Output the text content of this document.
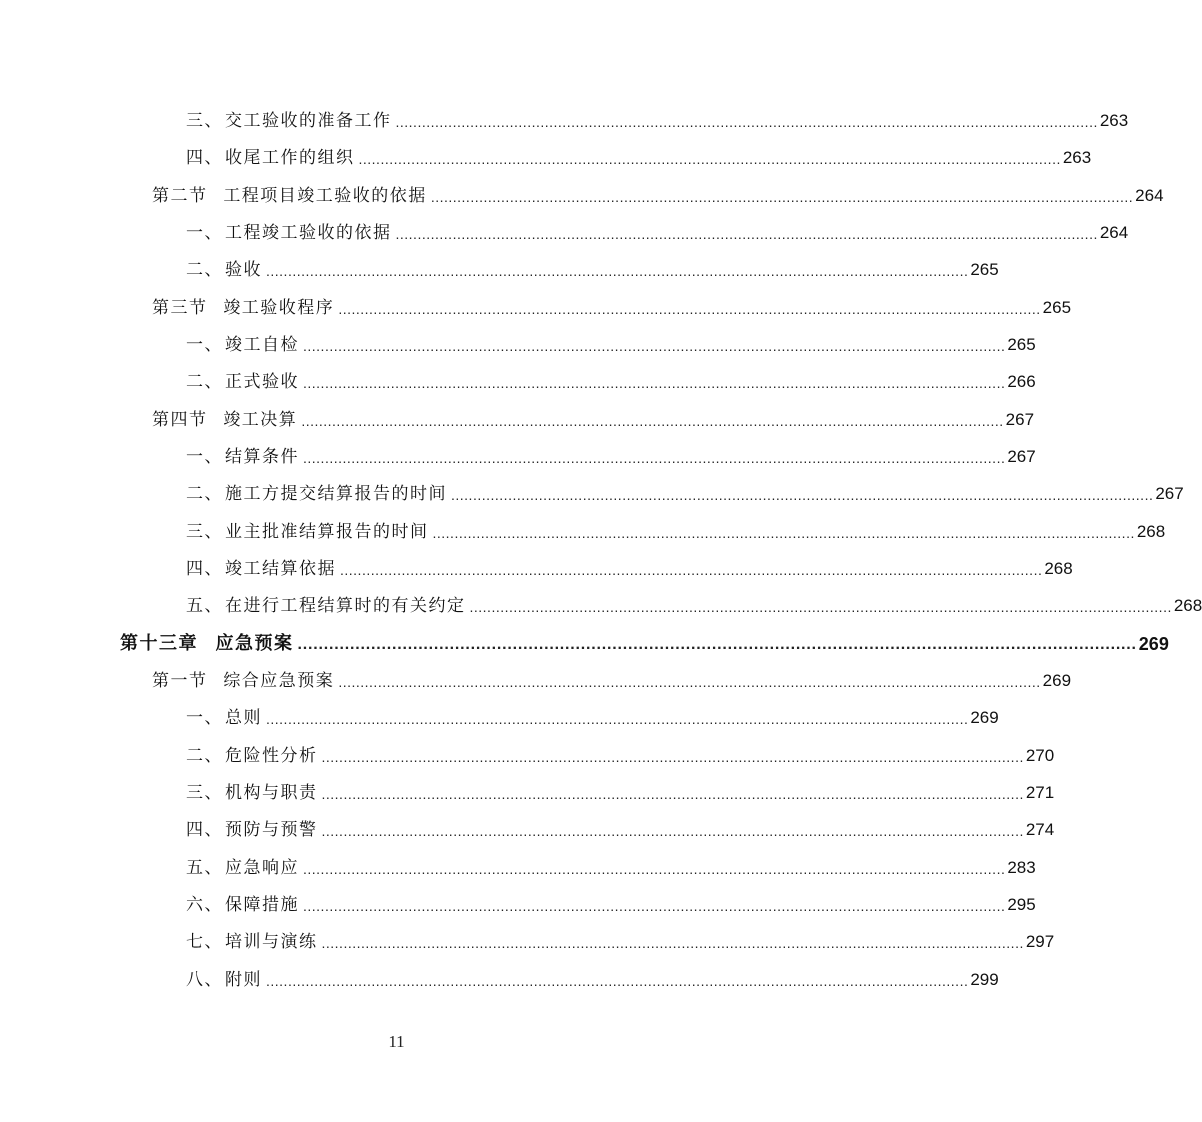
三、 交工验收的准备工作 ................................................................................................................................................................ 263
四、 收尾工作的组织 ................................................................................................................................................................ 263
第二节 工程项目竣工验收的依据 ................................................................................................................................................................ 264
一、 工程竣工验收的依据 ................................................................................................................................................................ 264
二、 验收 ................................................................................................................................................................ 265
第三节 竣工验收程序 ................................................................................................................................................................ 265
一、 竣工自检 ................................................................................................................................................................ 265
二、 正式验收 ................................................................................................................................................................ 266
第四节 竣工决算 ................................................................................................................................................................ 267
一、 结算条件 ................................................................................................................................................................ 267
二、 施工方提交结算报告的时间 ................................................................................................................................................................ 267
三、 业主批准结算报告的时间 ................................................................................................................................................................ 268
四、 竣工结算依据 ................................................................................................................................................................ 268
五、 在进行工程结算时的有关约定 ................................................................................................................................................................ 268
第十三章 应急预案 ................................................................................................................................................................ 269
第一节 综合应急预案 ................................................................................................................................................................ 269
一、 总则 ................................................................................................................................................................ 269
二、 危险性分析 ................................................................................................................................................................ 270
三、 机构与职责 ................................................................................................................................................................ 271
四、 预防与预警 ................................................................................................................................................................ 274
五、 应急响应 ................................................................................................................................................................ 283
六、 保障措施 ................................................................................................................................................................ 295
七、 培训与演练 ................................................................................................................................................................ 297
八、 附则 ................................................................................................................................................................ 299
11
